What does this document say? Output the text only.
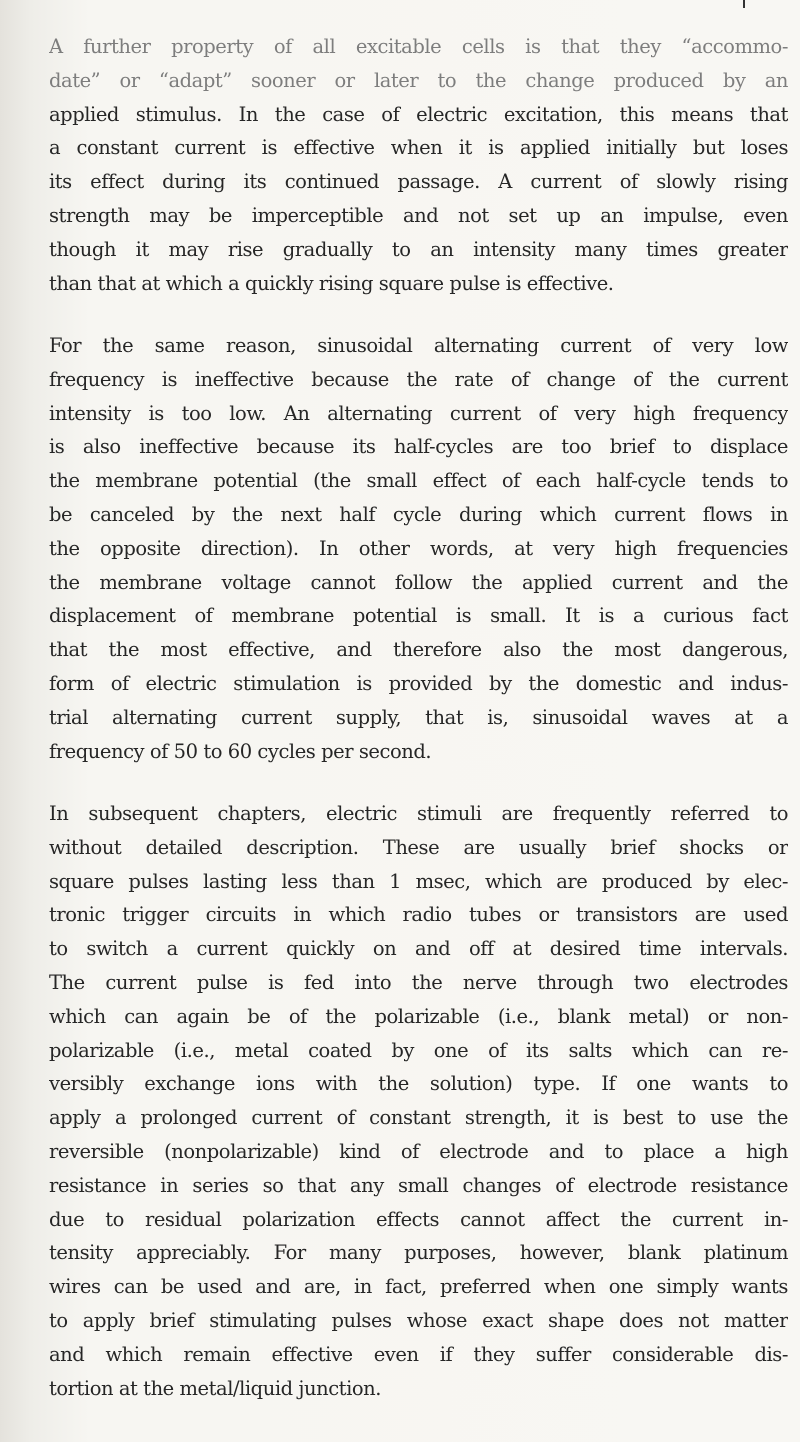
A further property of all excitable cells is that they “accommo-
date” or “adapt” sooner or later to the change produced by an
applied stimulus. In the case of electric excitation, this means that
a constant current is effective when it is applied initially but loses
its effect during its continued passage. A current of slowly rising
strength may be imperceptible and not set up an impulse, even
though it may rise gradually to an intensity many times greater
than that at which a quickly rising square pulse is effective.

For the same reason, sinusoidal alternating current of very low
frequency is ineffective because the rate of change of the current
intensity is too low. An alternating current of very high frequency
is also ineffective because its half-cycles are too brief to displace
the membrane potential (the small effect of each half-cycle tends to
be canceled by the next half cycle during which current flows in
the opposite direction). In other words, at very high frequencies
the membrane voltage cannot follow the applied current and the
displacement of membrane potential is small. It is a curious fact
that the most effective, and therefore also the most dangerous,
form of electric stimulation is provided by the domestic and indus-
trial alternating current supply, that is, sinusoidal waves at a
frequency of 50 to 60 cycles per second.

In subsequent chapters, electric stimuli are frequently referred to
without detailed description. These are usually brief shocks or
square pulses lasting less than 1 msec, which are produced by elec-
tronic trigger circuits in which radio tubes or transistors are used
to switch a current quickly on and off at desired time intervals.
The current pulse is fed into the nerve through two electrodes
which can again be of the polarizable (i.e., blank metal) or non-
polarizable (i.e., metal coated by one of its salts which can re-
versibly exchange ions with the solution) type. If one wants to
apply a prolonged current of constant strength, it is best to use the
reversible (nonpolarizable) kind of electrode and to place a high
resistance in series so that any small changes of electrode resistance
due to residual polarization effects cannot affect the current in-
tensity appreciably. For many purposes, however, blank platinum
wires can be used and are, in fact, preferred when one simply wants
to apply brief stimulating pulses whose exact shape does not matter
and which remain effective even if they suffer considerable dis-
tortion at the metal/liquid junction.
